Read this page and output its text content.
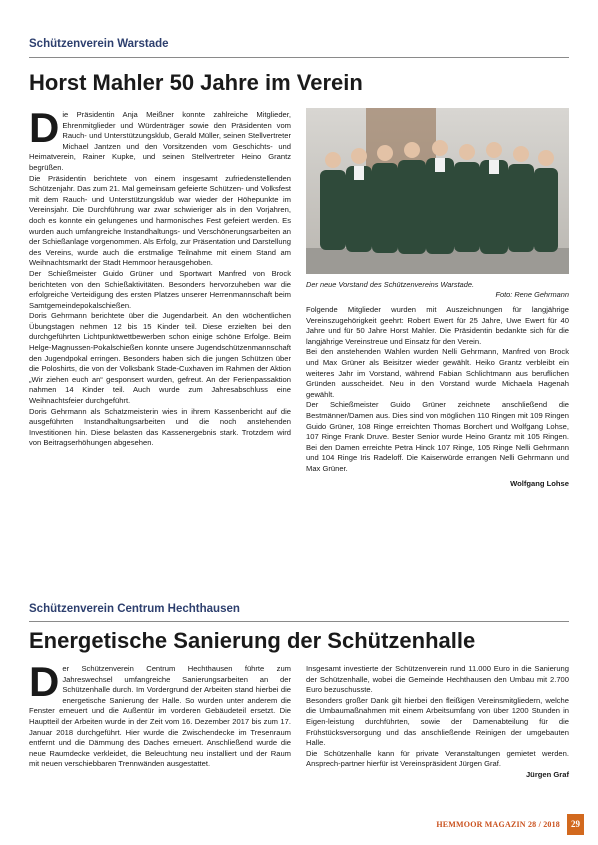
Schützenverein Warstade
Horst Mahler 50 Jahre im Verein
D ie Präsidentin Anja Meißner konnte zahlreiche Mitglieder, Ehrenmitglieder und Würdenträger sowie den Präsidenten vom Rauch- und Unterstützungsklub, Gerald Müller, seinen Stellvertreter Michael Jantzen und den Vorsitzenden vom Geschichts- und Heimatverein, Rainer Kupke, und seinen Stellvertreter Heino Grantz begrüßen.

Die Präsidentin berichtete von einem insgesamt zufriedenstellenden Schützenjahr. Das zum 21. Mal gemeinsam gefeierte Schützen- und Volksfest mit dem Rauch- und Unterstützungsklub war wieder der Höhepunkte im Vereinsjahr. Die Durchführung war zwar schwieriger als in den Vorjahren, doch es konnte ein gelungenes und harmonisches Fest gefeiert werden. Es wurden auch umfangreiche Instandhaltungs- und Verschönerungsarbeiten an der Schießanlage vorgenommen. Als Erfolg, zur Präsentation und Darstellung des Vereins, wurde auch die erstmalige Teilnahme mit einem Stand am Weihnachtsmarkt der Stadt Hemmoor herausgehoben.

Der Schießmeister Guido Grüner und Sportwart Manfred von Brock berichteten von den Schießaktivitäten. Besonders hervorzuheben war die erfolgreiche Verteidigung des ersten Platzes unserer Herrenmannschaft beim Samtgemeindepokalschießen.

Doris Gehrmann berichtete über die Jugendarbeit. An den wöchentlichen Übungstagen nehmen 12 bis 15 Kinder teil. Diese erzielten bei den durchgeführten Lichtpunktwettbewerben schon einige schöne Erfolge. Beim Helge-Magnussen-Pokalschießen konnte unsere Jugendschützenmannschaft den Jugendpokal erringen. Besonders haben sich die jungen Schützen über die Poloshirts, die von der Volksbank Stade-Cuxhaven im Rahmen der Aktion „Wir ziehen euch an“ gesponsert wurden, gefreut. An der Ferienpassaktion nahmen 14 Kinder teil. Auch wurde zum Jahresabschluss eine Weihnachtsfeier durchgeführt.

Doris Gehrmann als Schatzmeisterin wies in ihrem Kassenbericht auf die ausgeführten Instandhaltungsarbeiten und die noch anstehenden Investitionen hin. Diese belasten das Kassenergebnis stark. Trotzdem wird von Beitragserhöhungen abgesehen.

Der neue Vorstand des Schützenvereins Warstade.
Foto: Rene Gehrmann

Folgende Mitglieder wurden mit Auszeichnungen für langjährige Vereinszugehörigkeit geehrt: Robert Ewert für 25 Jahre, Uwe Ewert für 40 Jahre und für 50 Jahre Horst Mahler. Die Präsidentin bedankte sich für die langjährige Vereinstreue und Einsatz für den Verein.

Bei den anstehenden Wahlen wurden Nelli Gehrmann, Manfred von Brock und Max Grüner als Beisitzer wieder gewählt. Heiko Grantz verbleibt ein weiteres Jahr im Vorstand, während Fabian Schlichtmann aus beruflichen Gründen ausscheidet. Neu in den Vorstand wurde Michaela Hagenah gewählt.

Der Schießmeister Guido Grüner zeichnete anschließend die Bestmänner/Damen aus. Dies sind von möglichen 110 Ringen mit 109 Ringen Guido Grüner, 108 Ringe erreichten Thomas Borchert und Wolfgang Lohse, 107 Ringe Frank Druve. Bester Senior wurde Heino Grantz mit 105 Ringen. Bei den Damen erreichte Petra Hinck 107 Ringe, 105 Ringe Nelli Gehrmann und 104 Ringe Iris Radeloff. Die Kaiserwürde errangen Nelli Gehrmann und Max Grüner.

Wolfgang Lohse

Schützenverein Centrum Hechthausen
Energetische Sanierung der Schützenhalle
D er Schützenverein Centrum Hechthausen führte zum Jahreswechsel umfangreiche Sanierungsarbeiten an der Schützenhalle durch. Im Vordergrund der Arbeiten stand hierbei die energetische Sanierung der Halle. So wurden unter anderem die Fenster erneuert und die Außentür im vorderen Gebäudeteil ersetzt. Die Hauptteil der Arbeiten wurde in der Zeit vom 16. Dezember 2017 bis zum 17. Januar 2018 durchgeführt. Hier wurde die Zwischendecke im Tresenraum entfernt und die Dämmung des Daches erneuert. Anschließend wurde die neue Raumdecke verkleidet, die Beleuchtung neu installiert und der Raum mit neuen verschiebbaren Trennwänden ausgestattet.

Insgesamt investierte der Schützenverein rund 11.000 Euro in die Sanierung der Schützenhalle, wobei die Gemeinde Hechthausen den Umbau mit 2.700 Euro bezuschusste.

Besonders großer Dank gilt hierbei den fleißigen Vereinsmitgliedern, welche die Umbaumaßnahmen mit einem Arbeitsumfang von über 1200 Stunden in Eigen-leistung durchführten, sowie der Damenabteilung für die Frühstücksversorgung und das anschließende Reinigen der umgebauten Halle.

Die Schützenhalle kann für private Veranstaltungen gemietet werden. Ansprech-partner hierfür ist Vereinspräsident Jürgen Graf.

Jürgen Graf

HEMMOOR MAGAZIN 28 / 2018	29
